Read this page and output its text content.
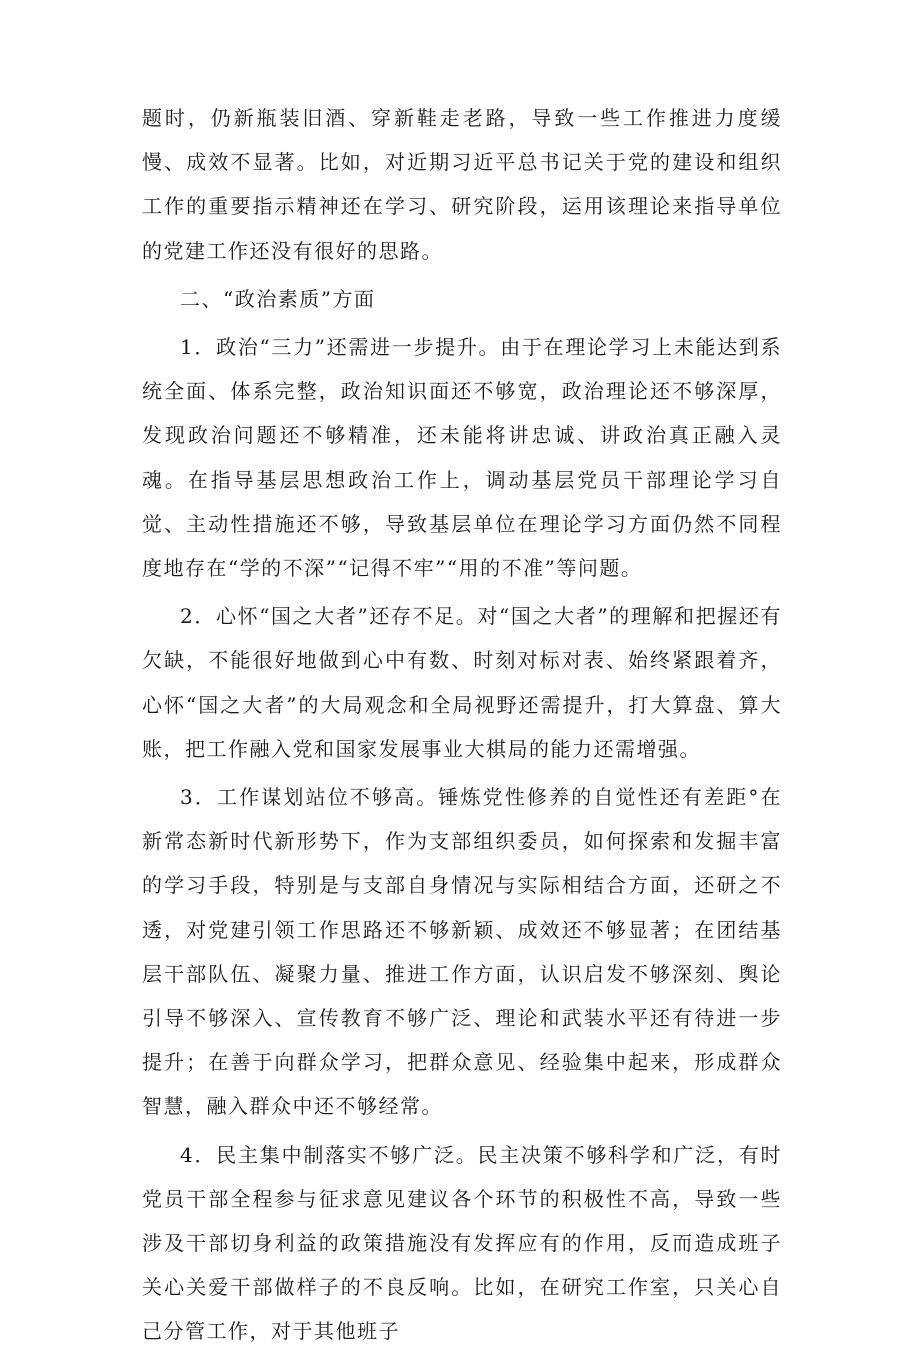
题时，仍新瓶装旧酒、穿新鞋走老路，导致一些工作推进力度缓慢、成效不显著。比如，对近期习近平总书记关于党的建设和组织工作的重要指示精神还在学习、研究阶段，运用该理论来指导单位的党建工作还没有很好的思路。

二、“政治素质”方面

1．政治“三力”还需进一步提升。由于在理论学习上未能达到系统全面、体系完整，政治知识面还不够宽，政治理论还不够深厚，发现政治问题还不够精准，还未能将讲忠诚、讲政治真正融入灵魂。在指导基层思想政治工作上，调动基层党员干部理论学习自觉、主动性措施还不够，导致基层单位在理论学习方面仍然不同程度地存在“学的不深”“记得不牢”“用的不准”等问题。

2．心怀“国之大者”还存不足。对“国之大者”的理解和把握还有欠缺，不能很好地做到心中有数、时刻对标对表、始终紧跟着齐，心怀“国之大者”的大局观念和全局视野还需提升，打大算盘、算大账，把工作融入党和国家发展事业大棋局的能力还需增强。

3．工作谋划站位不够高。锤炼党性修养的自觉性还有差距°在新常态新时代新形势下，作为支部组织委员，如何探索和发掘丰富的学习手段，特别是与支部自身情况与实际相结合方面，还研之不透，对党建引领工作思路还不够新颖、成效还不够显著；在团结基层干部队伍、凝聚力量、推进工作方面，认识启发不够深刻、舆论引导不够深入、宣传教育不够广泛、理论和武装水平还有待进一步提升；在善于向群众学习，把群众意见、经验集中起来，形成群众智慧，融入群众中还不够经常。

4．民主集中制落实不够广泛。民主决策不够科学和广泛，有时党员干部全程参与征求意见建议各个环节的积极性不高，导致一些涉及干部切身利益的政策措施没有发挥应有的作用，反而造成班子关心关爱干部做样子的不良反响。比如，在研究工作室，只关心自己分管工作，对于其他班子
